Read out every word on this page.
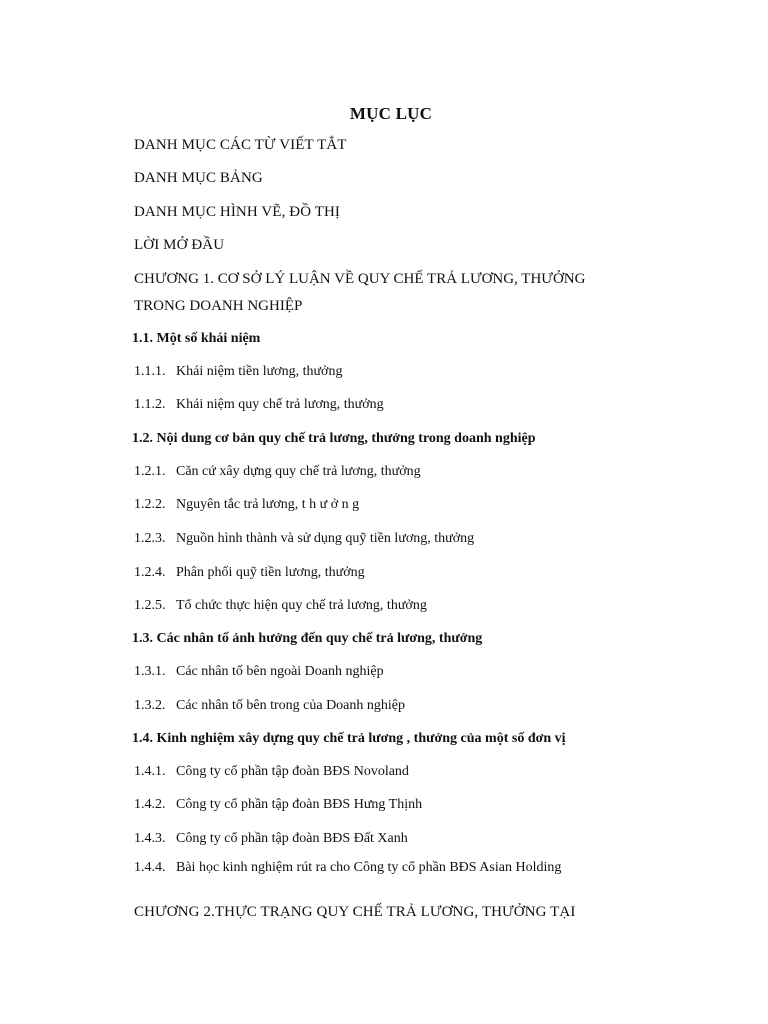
MỤC LỤC
DANH MỤC CÁC TỪ VIẾT TẮT
DANH MỤC BẢNG
DANH MỤC HÌNH VẼ, ĐỒ THỊ
LỜI MỞ ĐẦU
CHƯƠNG 1. CƠ SỞ LÝ LUẬN VỀ QUY CHẾ TRẢ LƯƠNG, THƯỞNG
TRONG DOANH NGHIỆP
1.1. Một số khái niệm
1.1.1. Khái niệm tiền lương, thưởng
1.1.2. Khái niệm quy chế trả lương, thưởng
1.2. Nội dung cơ bản quy chế trả lương, thưởng trong doanh nghiệp
1.2.1. Căn cứ xây dựng quy chế trả lương, thưởng
1.2.2. Nguyên tắc trả lương, t h ư ở n g
1.2.3. Nguồn hình thành và sử dụng quỹ tiền lương, thưởng
1.2.4. Phân phối quỹ tiền lương, thưởng
1.2.5. Tổ chức thực hiện quy chế trả lương, thưởng
1.3. Các nhân tố ảnh hưởng đến quy chế trả lương, thưởng
1.3.1. Các nhân tố bên ngoài Doanh nghiệp
1.3.2. Các nhân tố bên trong của Doanh nghiệp
1.4. Kinh nghiệm xây dựng quy chế trả lương , thưởng của một số đơn vị
1.4.1. Công ty cổ phần tập đoàn BĐS Novoland
1.4.2. Công ty cổ phần tập đoàn BĐS Hưng Thịnh
1.4.3. Công ty cổ phần tập đoàn BĐS Đất Xanh
1.4.4. Bài học kinh nghiệm rút ra cho Công ty cổ phần BĐS Asian Holding
CHƯƠNG 2.THỰC TRẠNG QUY CHẾ TRẢ LƯƠNG, THƯỞNG TẠI
